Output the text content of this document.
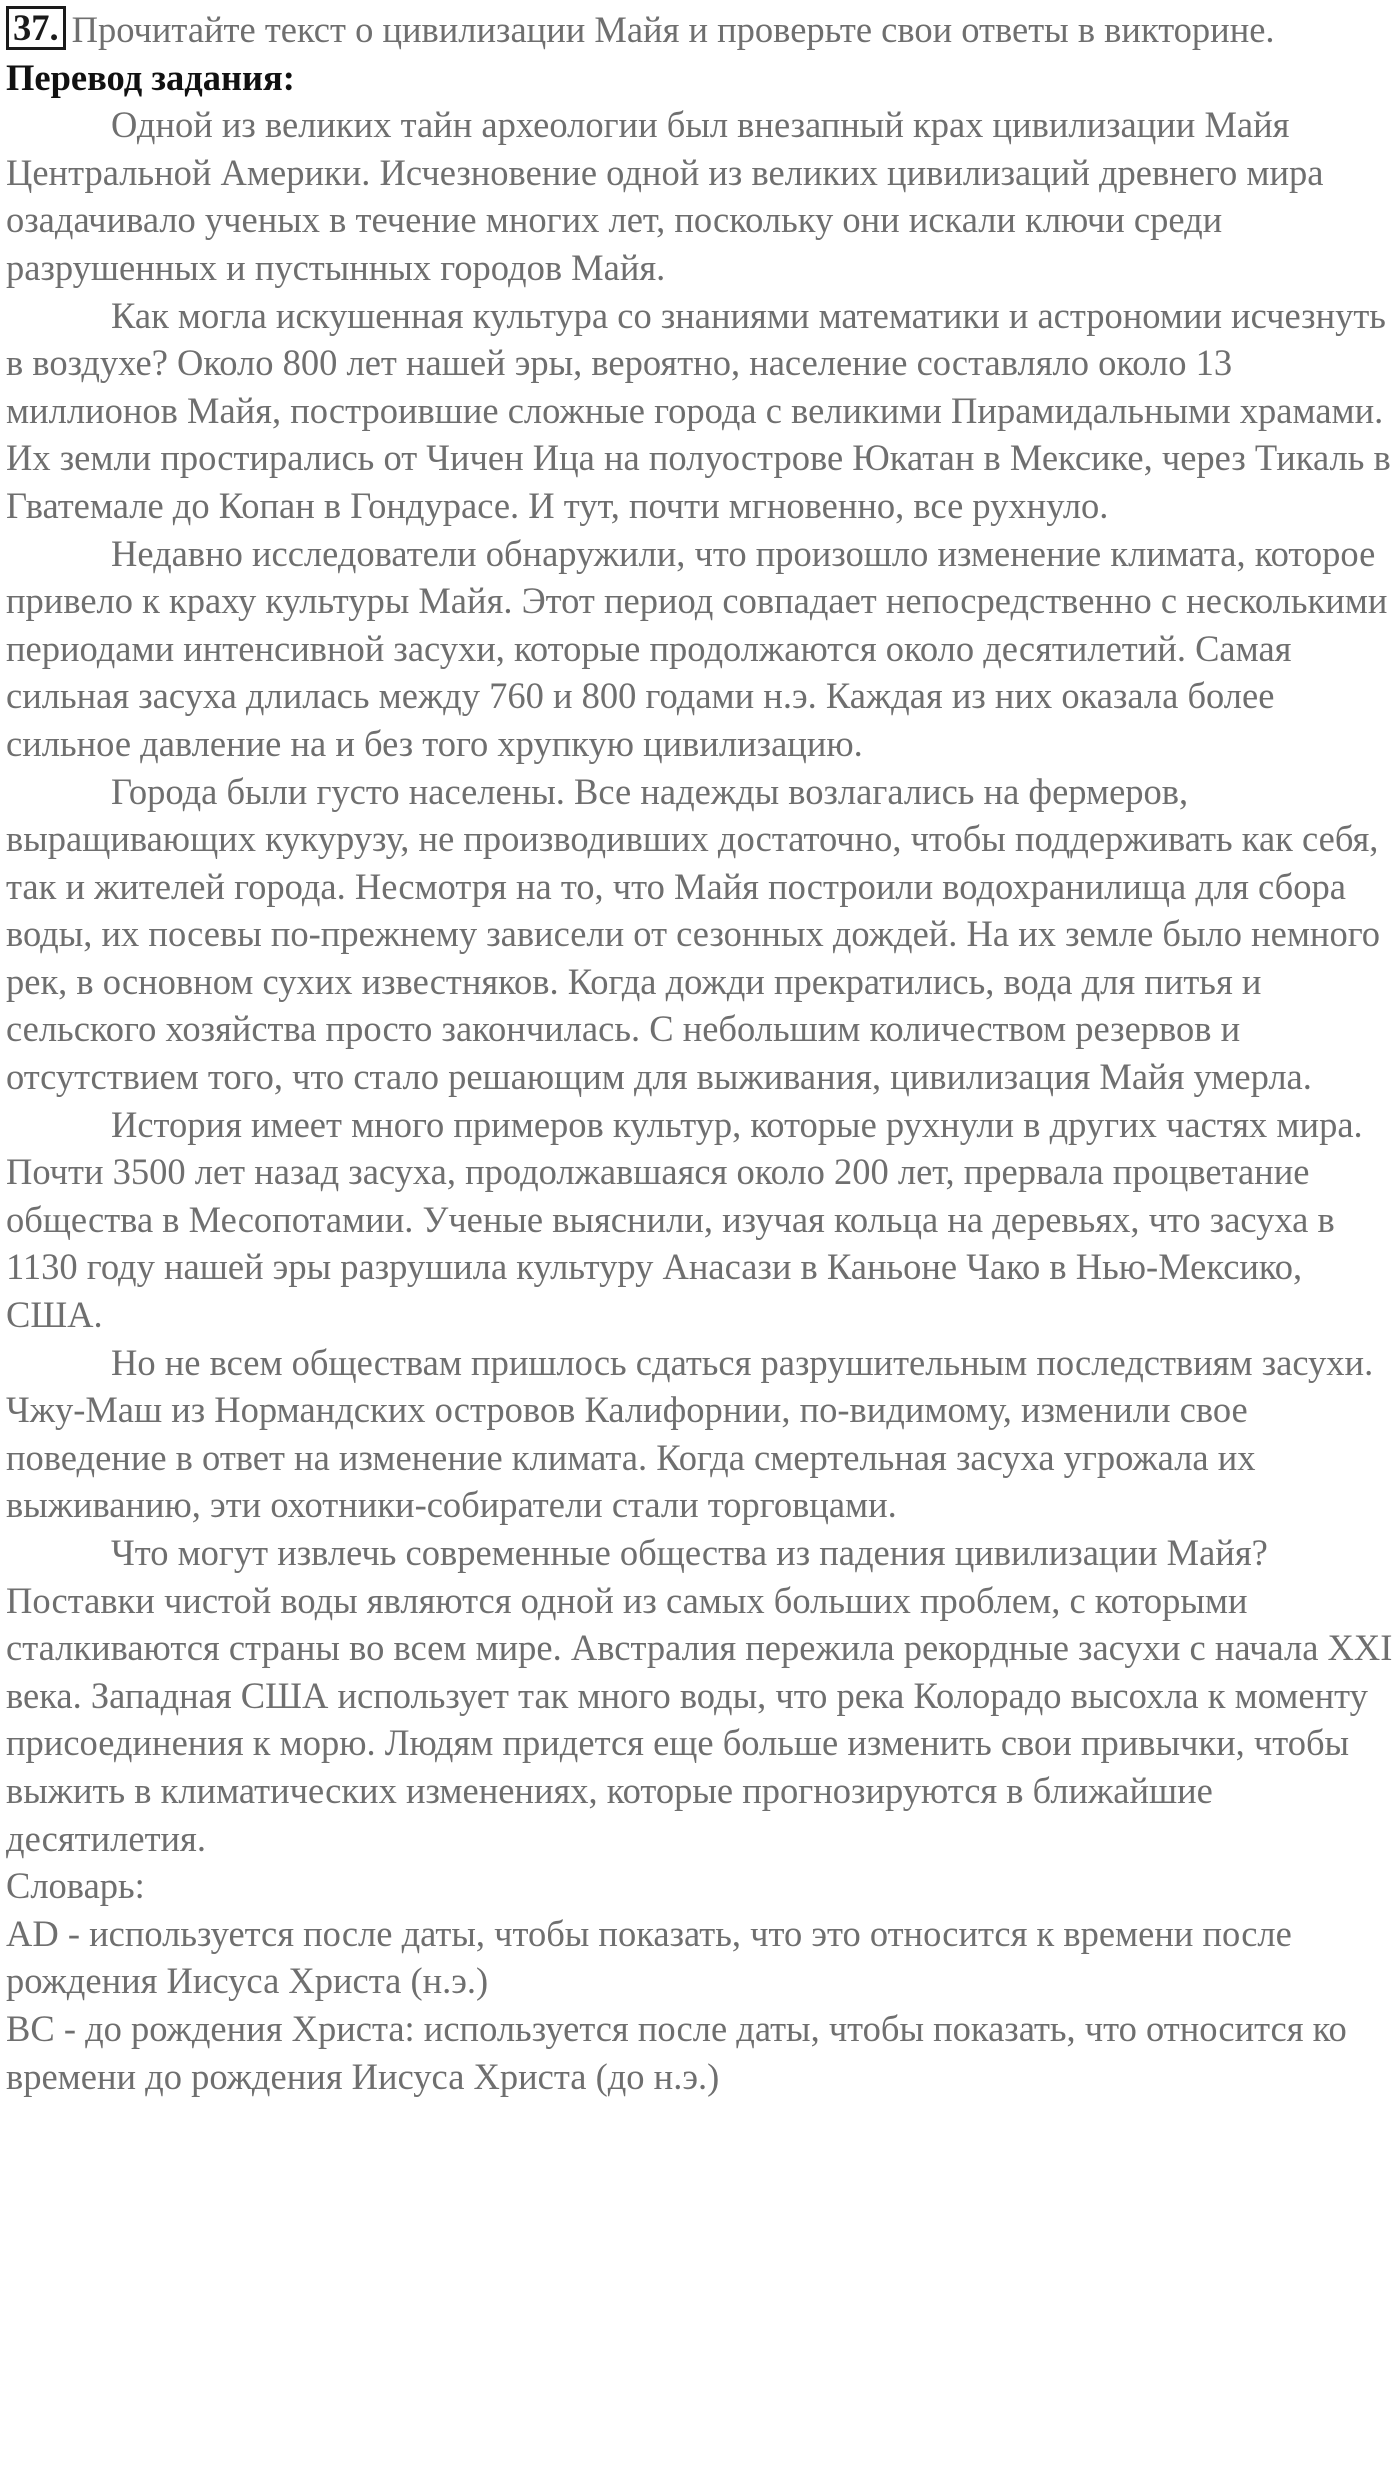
37. Прочитайте текст о цивилизации Майя и проверьте свои ответы в викторине.

Перевод задания:

Одной из великих тайн археологии был внезапный крах цивилизации Майя Центральной Америки. Исчезновение одной из великих цивилизаций древнего мира озадачивало ученых в течение многих лет, поскольку они искали ключи среди разрушенных и пустынных городов Майя.

Как могла искушенная культура со знаниями математики и астрономии исчезнуть в воздухе? Около 800 лет нашей эры, вероятно, население составляло около 13 миллионов Майя, построившие сложные города с великими Пирамидальными храмами. Их земли простирались от Чичен Ица на полуострове Юкатан в Мексике, через Тикаль в Гватемале до Копан в Гондурасе. И тут, почти мгновенно, все рухнуло.

Недавно исследователи обнаружили, что произошло изменение климата, которое привело к краху культуры Майя. Этот период совпадает непосредственно с несколькими периодами интенсивной засухи, которые продолжаются около десятилетий. Самая сильная засуха длилась между 760 и 800 годами н.э. Каждая из них оказала более сильное давление на и без того хрупкую цивилизацию.

Города были густо населены. Все надежды возлагались на фермеров, выращивающих кукурузу, не производивших достаточно, чтобы поддерживать как себя, так и жителей города. Несмотря на то, что Майя построили водохранилища для сбора воды, их посевы по-прежнему зависели от сезонных дождей. На их земле было немного рек, в основном сухих известняков. Когда дожди прекратились, вода для питья и сельского хозяйства просто закончилась. С небольшим количеством резервов и отсутствием того, что стало решающим для выживания, цивилизация Майя умерла.

История имеет много примеров культур, которые рухнули в других частях мира. Почти 3500 лет назад засуха, продолжавшаяся около 200 лет, прервала процветание общества в Месопотамии. Ученые выяснили, изучая кольца на деревьях, что засуха в 1130 году нашей эры разрушила культуру Анасази в Каньоне Чако в Нью-Мексико, США.

Но не всем обществам пришлось сдаться разрушительным последствиям засухи. Чжу-Маш из Нормандских островов Калифорнии, по-видимому, изменили свое поведение в ответ на изменение климата. Когда смертельная засуха угрожала их выживанию, эти охотники-собиратели стали торговцами.

Что могут извлечь современные общества из падения цивилизации Майя? Поставки чистой воды являются одной из самых больших проблем, с которыми сталкиваются страны во всем мире. Австралия пережила рекордные засухи с начала XXI века. Западная США использует так много воды, что река Колорадо высохла к моменту присоединения к морю. Людям придется еще больше изменить свои привычки, чтобы выжить в климатических изменениях, которые прогнозируются в ближайшие десятилетия.

Словарь:

AD - используется после даты, чтобы показать, что это относится к времени после рождения Иисуса Христа (н.э.)

BC - до рождения Христа: используется после даты, чтобы показать, что относится ко времени до рождения Иисуса Христа (до н.э.)
